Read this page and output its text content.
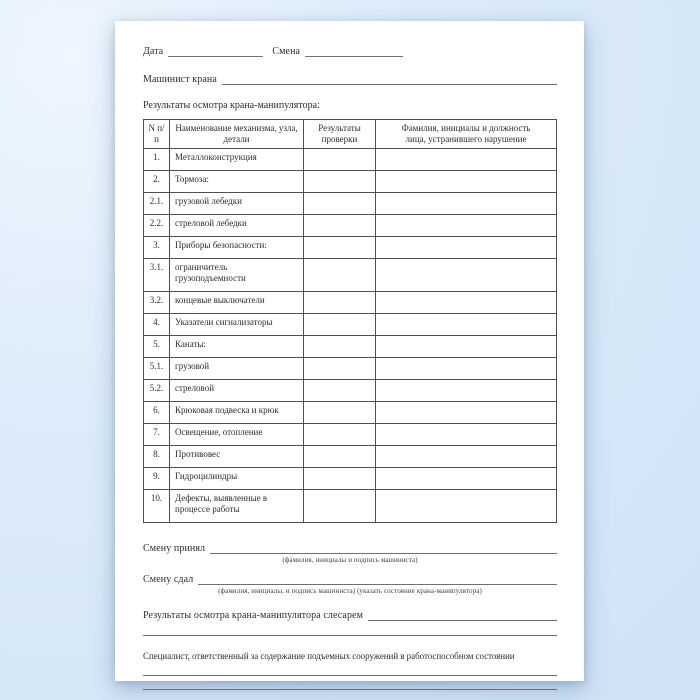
Дата	Смена
Машинист крана
Результаты осмотра крана-манипулятора:
N п/п	Наименование механизма, узла, детали	Результаты проверки	Фамилия, инициалы и должность лица, устранившего нарушение
1.	Металлоконструкция		
2.	Тормоза:		
2.1.	грузовой лебедки		
2.2.	стреловой лебедки		
3.	Приборы безопасности:		
3.1.	ограничитель грузоподъемности		
3.2.	концевые выключатели		
4.	Указатели сигнализаторы		
5.	Канаты:		
5.1.	грузовой		
5.2.	стреловой		
6.	Крюковая подвеска и крюк		
7.	Освещение, отопление		
8.	Противовес		
9.	Гидроцилиндры		
10.	Дефекты, выявленные в процессе работы		
Смену принял
(фамилия, инициалы и подпись машиниста)
Смену сдал
(фамилия, инициалы, и подпись машиниста) (указать состояние крана-манипулятора)
Результаты осмотра крана-манипулятора слесарем
Специалист, ответственный за содержание подъемных сооружений в работоспособном состоянии
